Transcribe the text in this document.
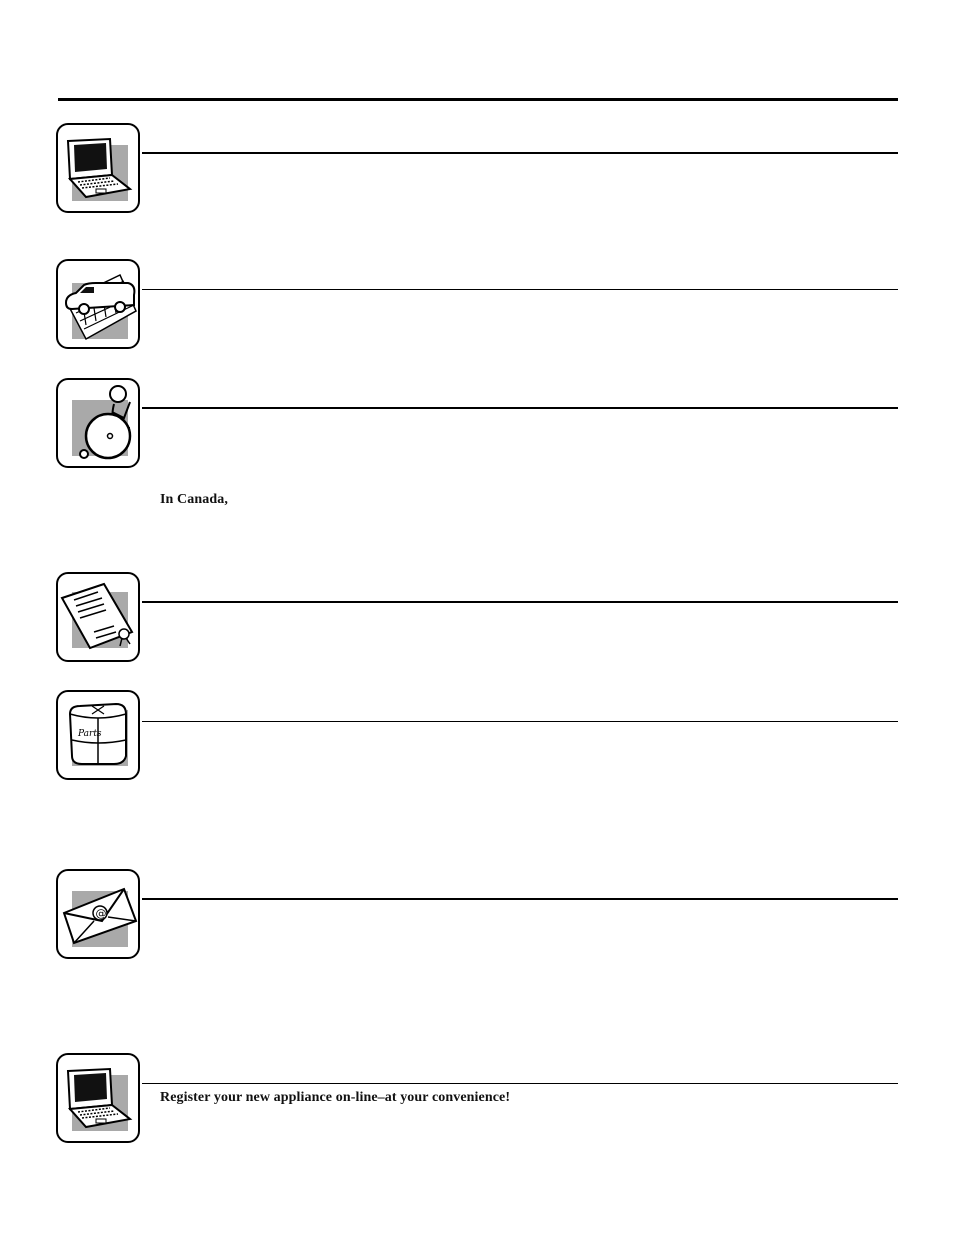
In Canada,
Parts
@
Register your new appliance on-line–at your convenience!
